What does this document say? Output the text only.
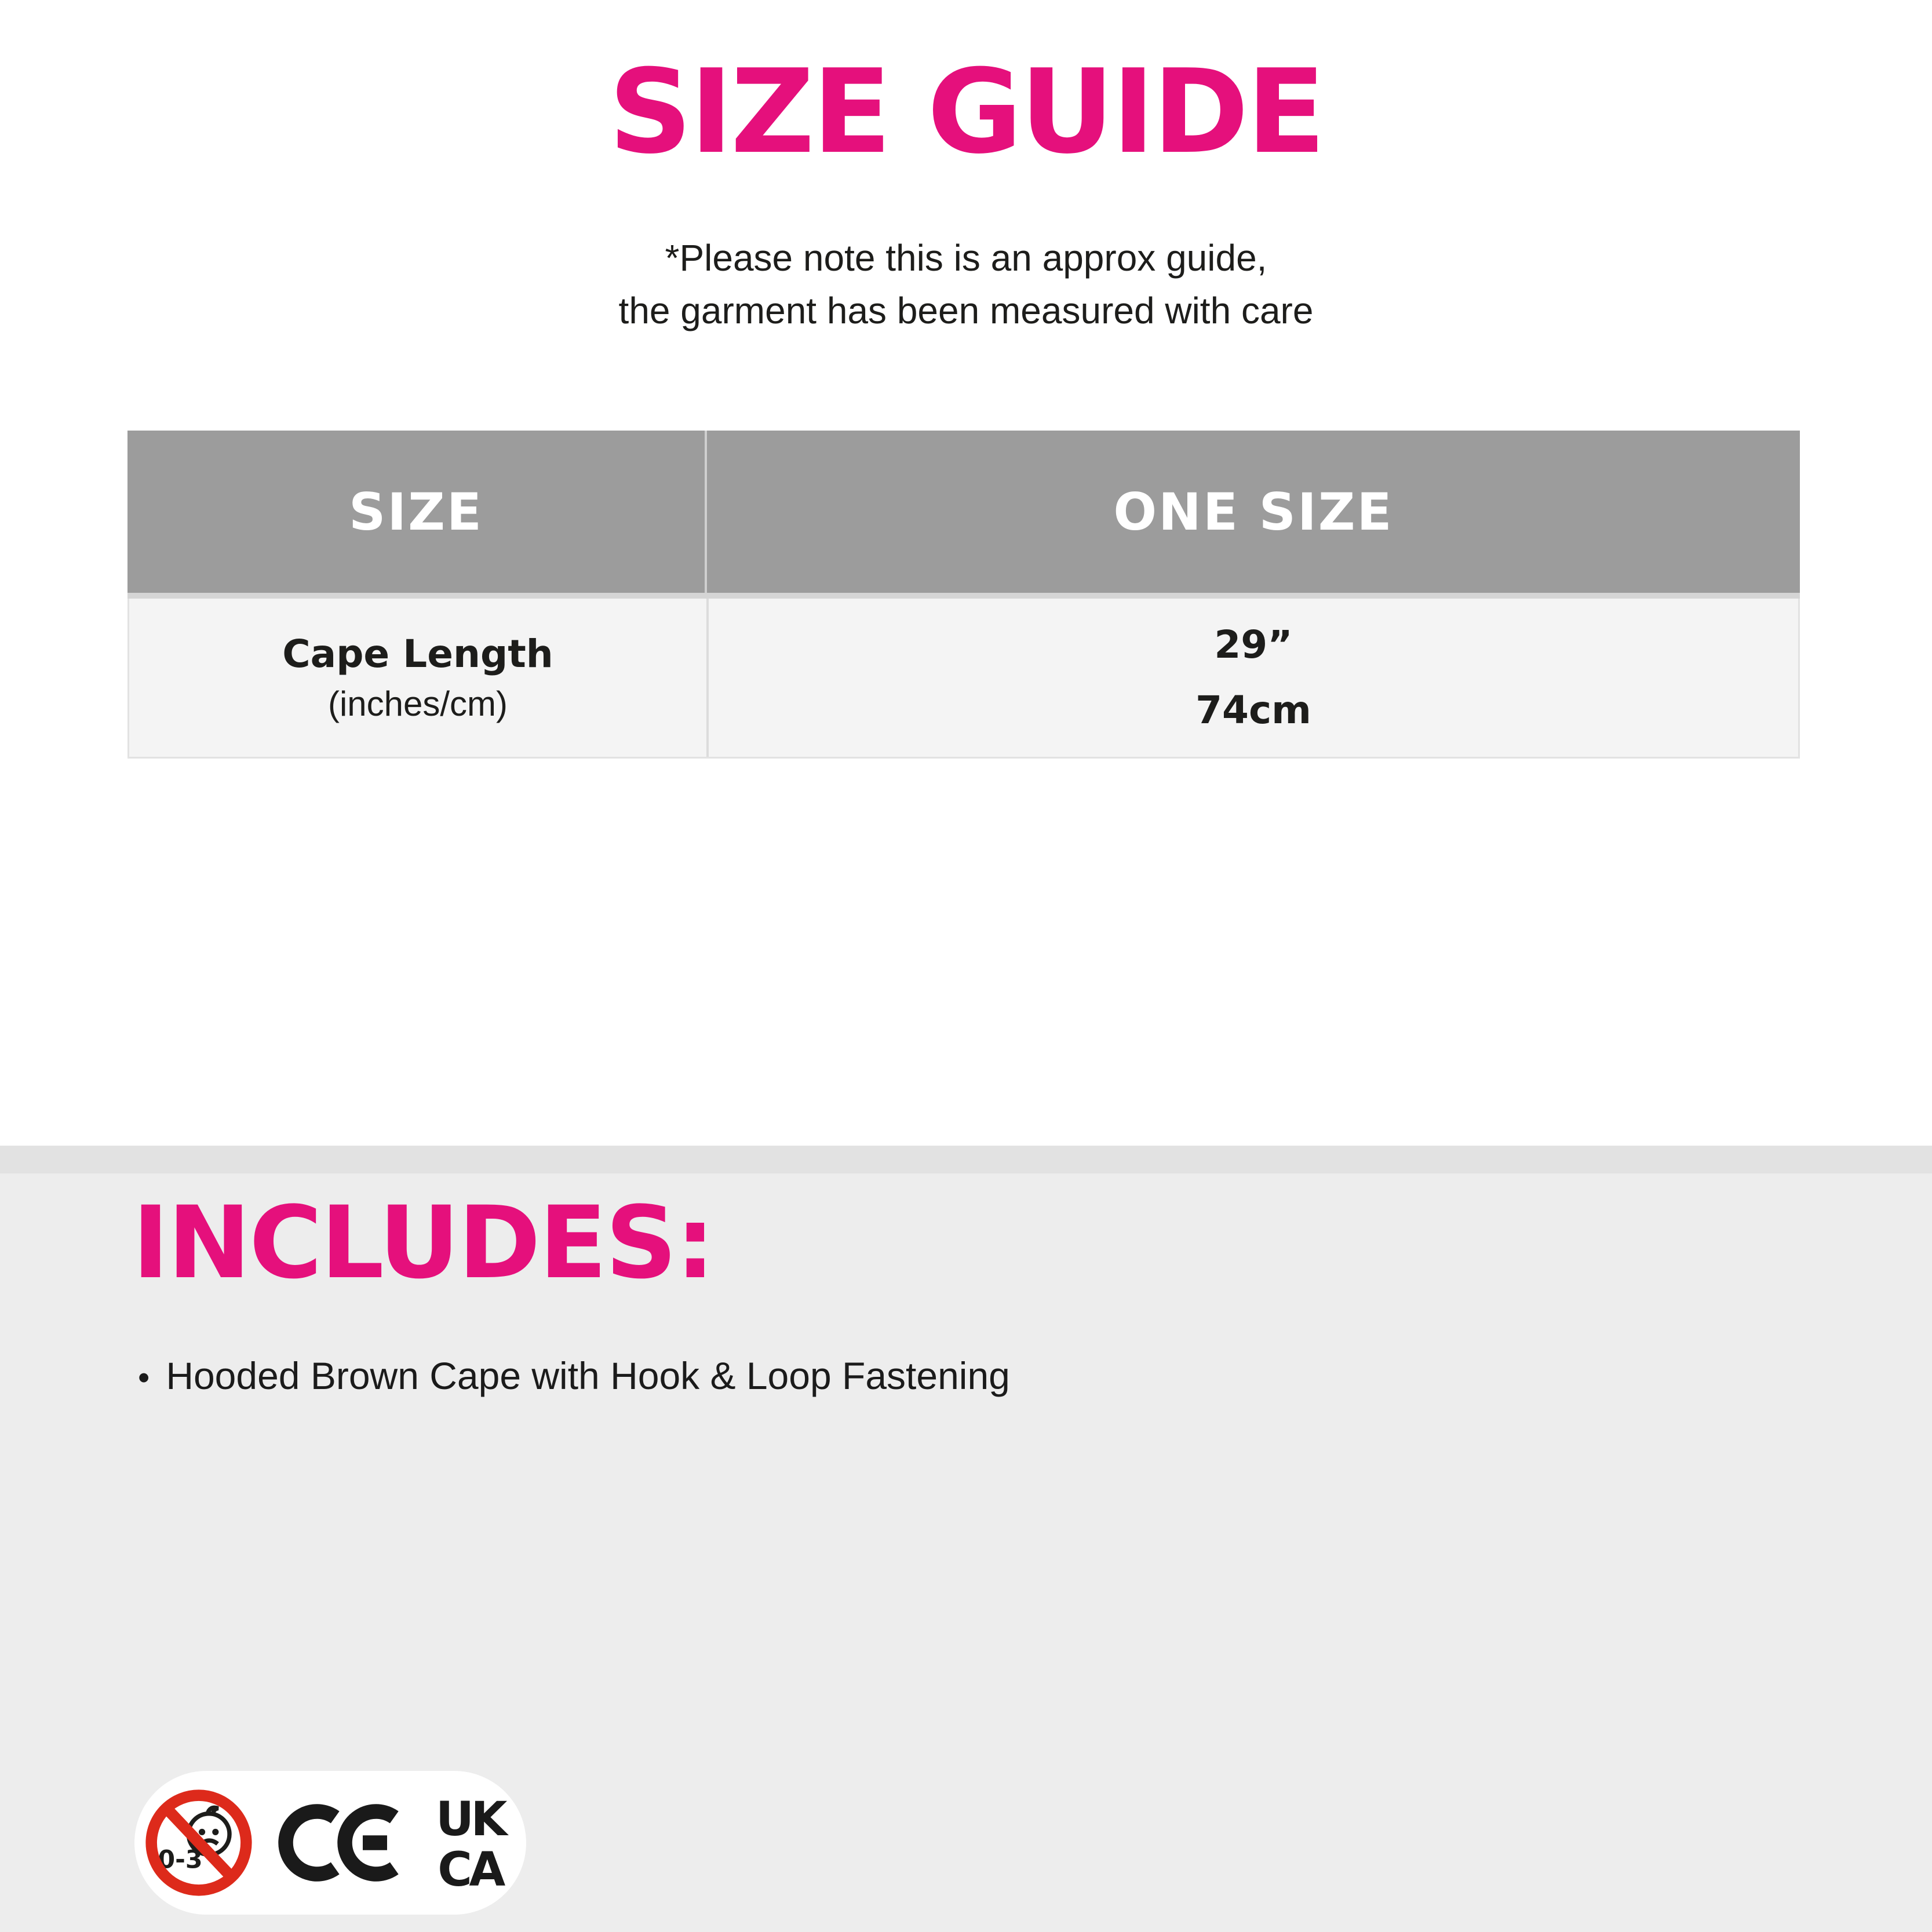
SIZE GUIDE
*Please note this is an approx guide,
the garment has been measured with care
SIZE	ONE SIZE
Cape Length
(inches/cm)
29”
74cm
INCLUDES:
• Hooded Brown Cape with Hook & Loop Fastening
0-3
UK
CA
